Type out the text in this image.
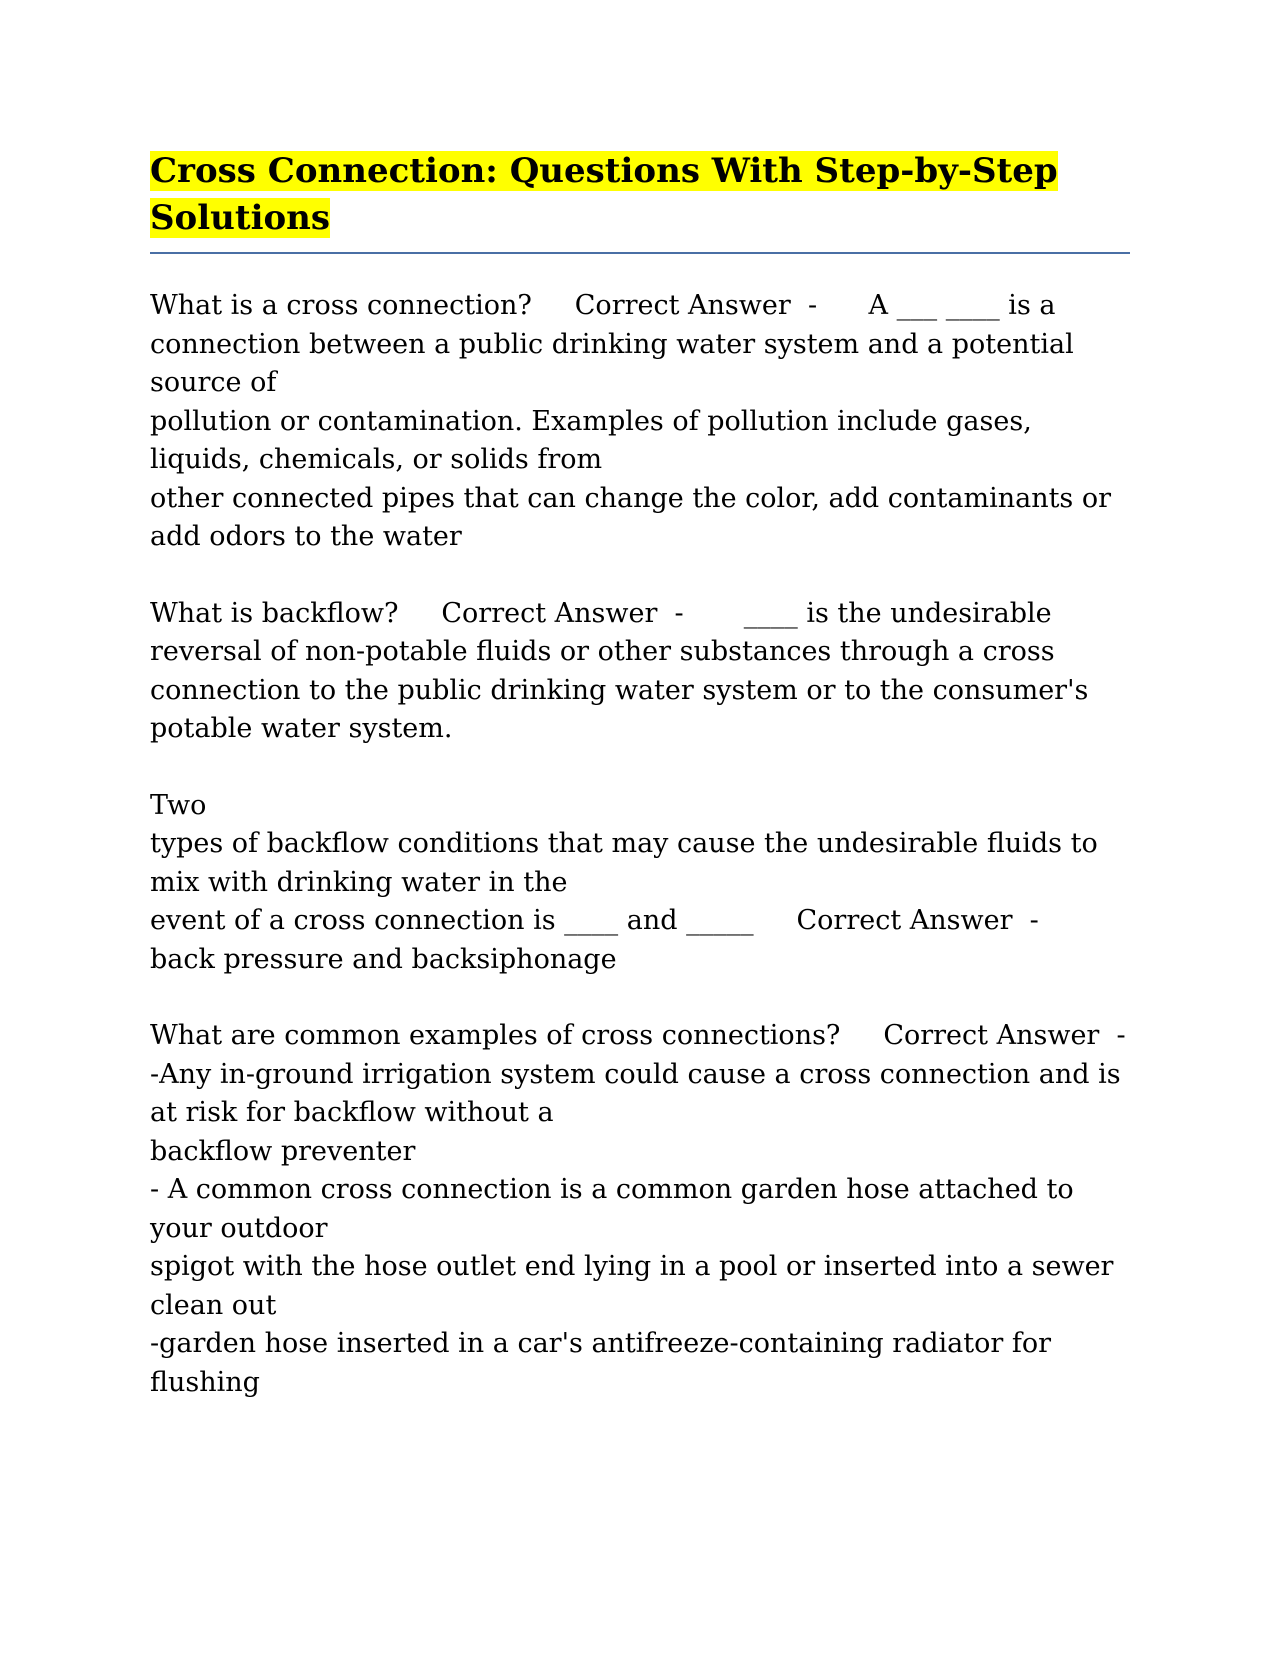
Cross Connection: Questions With Step-by-Step
Solutions

What is a cross connection?     Correct Answer  -      A ___ ____ is a
connection between a public drinking water system and a potential
source of
pollution or contamination. Examples of pollution include gases,
liquids, chemicals, or solids from
other connected pipes that can change the color, add contaminants or
add odors to the water

What is backflow?     Correct Answer  -       ____ is the undesirable
reversal of non-potable fluids or other substances through a cross
connection to the public drinking water system or to the consumer's
potable water system.

Two
types of backflow conditions that may cause the undesirable fluids to
mix with drinking water in the
event of a cross connection is ____ and _____     Correct Answer  -
back pressure and backsiphonage

What are common examples of cross connections?     Correct Answer  -
-Any in-ground irrigation system could cause a cross connection and is
at risk for backflow without a
backflow preventer
- A common cross connection is a common garden hose attached to
your outdoor
spigot with the hose outlet end lying in a pool or inserted into a sewer
clean out
-garden hose inserted in a car's antifreeze-containing radiator for
flushing
